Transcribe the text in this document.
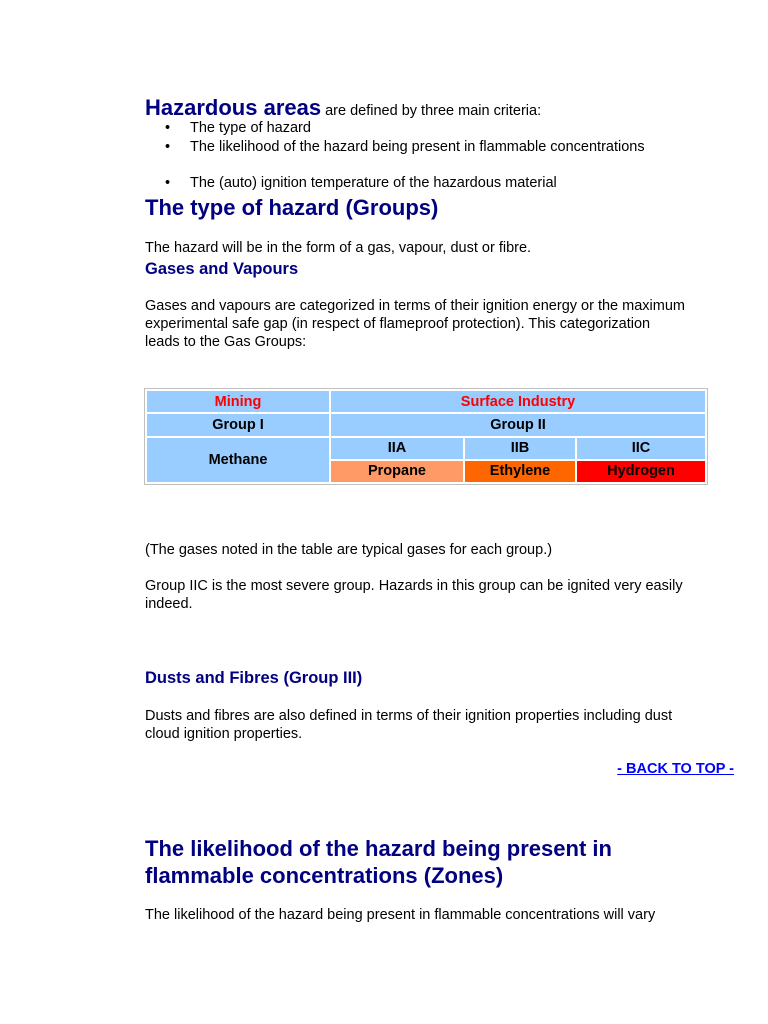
Hazardous areas are defined by three main criteria:
• The type of hazard
• The likelihood of the hazard being present in flammable concentrations
• The (auto) ignition temperature of the hazardous material
The type of hazard (Groups)
The hazard will be in the form of a gas, vapour, dust or fibre.
Gases and Vapours
Gases and vapours are categorized in terms of their ignition energy or the maximum experimental safe gap (in respect of flameproof protection). This categorization leads to the Gas Groups:
Mining	Surface Industry		
Group I	Group II		
Methane	IIA	IIB	IIC
	Propane	Ethylene	Hydrogen
(The gases noted in the table are typical gases for each group.)
Group IIC is the most severe group. Hazards in this group can be ignited very easily indeed.
Dusts and Fibres (Group III)
Dusts and fibres are also defined in terms of their ignition properties including dust cloud ignition properties.
- BACK TO TOP -
The likelihood of the hazard being present in flammable concentrations (Zones)
The likelihood of the hazard being present in flammable concentrations will vary
